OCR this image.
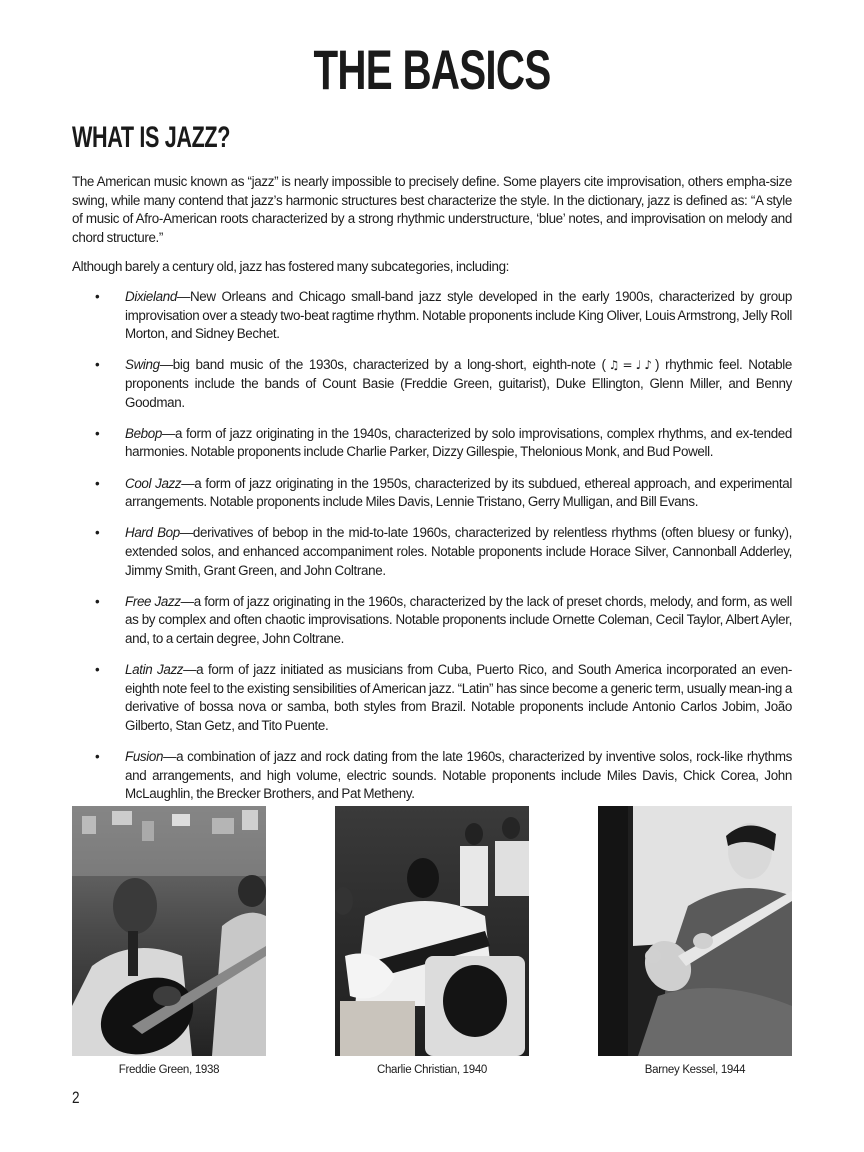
THE BASICS
WHAT IS JAZZ?

The American music known as “jazz” is nearly impossible to precisely define. Some players cite improvisation, others empha-size swing, while many contend that jazz’s harmonic structures best characterize the style. In the dictionary, jazz is defined as: “A style of music of Afro-American roots characterized by a strong rhythmic understructure, ‘blue’ notes, and improvisation on melody and chord structure.”

Although barely a century old, jazz has fostered many subcategories, including:

• Dixieland—New Orleans and Chicago small-band jazz style developed in the early 1900s, characterized by group improvisation over a steady two-beat ragtime rhythm. Notable proponents include King Oliver, Louis Armstrong, Jelly Roll Morton, and Sidney Bechet.
• Swing—big band music of the 1930s, characterized by a long-short, eighth-note (♫=♩♪) rhythmic feel. Notable proponents include the bands of Count Basie (Freddie Green, guitarist), Duke Ellington, Glenn Miller, and Benny Goodman.
• Bebop—a form of jazz originating in the 1940s, characterized by solo improvisations, complex rhythms, and ex-tended harmonies. Notable proponents include Charlie Parker, Dizzy Gillespie, Thelonious Monk, and Bud Powell.
• Cool Jazz—a form of jazz originating in the 1950s, characterized by its subdued, ethereal approach, and experimental arrangements. Notable proponents include Miles Davis, Lennie Tristano, Gerry Mulligan, and Bill Evans.
• Hard Bop—derivatives of bebop in the mid-to-late 1960s, characterized by relentless rhythms (often bluesy or funky), extended solos, and enhanced accompaniment roles. Notable proponents include Horace Silver, Cannonball Adderley, Jimmy Smith, Grant Green, and John Coltrane.
• Free Jazz—a form of jazz originating in the 1960s, characterized by the lack of preset chords, melody, and form, as well as by complex and often chaotic improvisations. Notable proponents include Ornette Coleman, Cecil Taylor, Albert Ayler, and, to a certain degree, John Coltrane.
• Latin Jazz—a form of jazz initiated as musicians from Cuba, Puerto Rico, and South America incorporated an even-eighth note feel to the existing sensibilities of American jazz. “Latin” has since become a generic term, usually mean-ing a derivative of bossa nova or samba, both styles from Brazil. Notable proponents include Antonio Carlos Jobim, João Gilberto, Stan Getz, and Tito Puente.
• Fusion—a combination of jazz and rock dating from the late 1960s, characterized by inventive solos, rock-like rhythms and arrangements, and high volume, electric sounds. Notable proponents include Miles Davis, Chick Corea, John McLaughlin, the Brecker Brothers, and Pat Metheny.
Freddie Green, 1938	Charlie Christian, 1940	Barney Kessel, 1944
2
